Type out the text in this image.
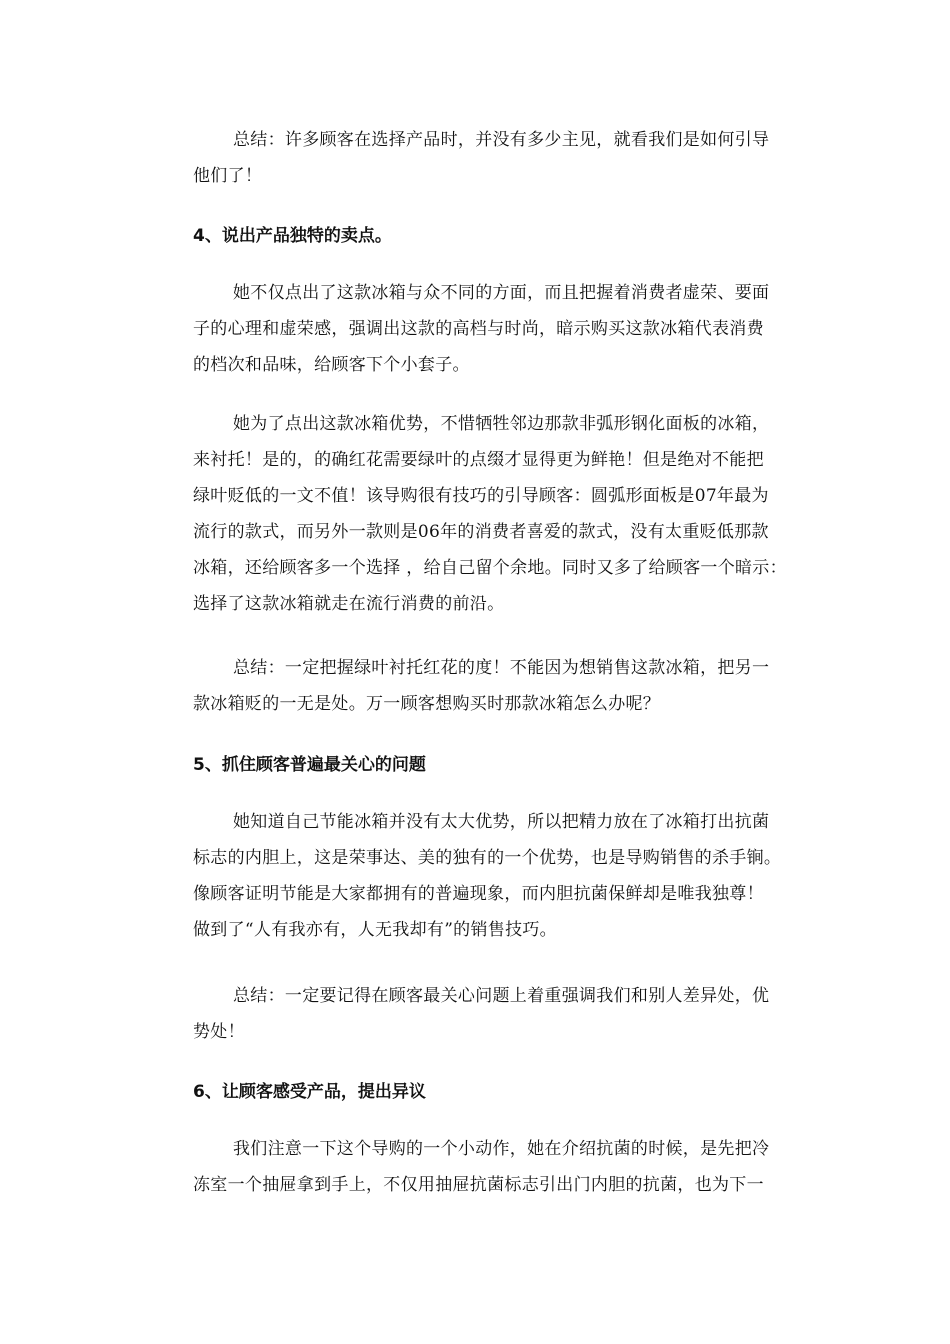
总结：许多顾客在选择产品时，并没有多少主见，就看我们是如何引导
他们了！

4、说出产品独特的卖点。

她不仅点出了这款冰箱与众不同的方面，而且把握着消费者虚荣、要面
子的心理和虚荣感，强调出这款的高档与时尚，暗示购买这款冰箱代表消费
的档次和品味，给顾客下个小套子。

她为了点出这款冰箱优势，不惜牺牲邻边那款非弧形钢化面板的冰箱，
来衬托！是的，的确红花需要绿叶的点缀才显得更为鲜艳！但是绝对不能把
绿叶贬低的一文不值！该导购很有技巧的引导顾客：圆弧形面板是07年最为
流行的款式，而另外一款则是06年的消费者喜爱的款式，没有太重贬低那款
冰箱，还给顾客多一个选择 ，给自己留个余地。同时又多了给顾客一个暗示：
选择了这款冰箱就走在流行消费的前沿。

总结：一定把握绿叶衬托红花的度！不能因为想销售这款冰箱，把另一
款冰箱贬的一无是处。万一顾客想购买时那款冰箱怎么办呢？

5、抓住顾客普遍最关心的问题

她知道自己节能冰箱并没有太大优势，所以把精力放在了冰箱打出抗菌
标志的内胆上，这是荣事达、美的独有的一个优势，也是导购销售的杀手锏。
像顾客证明节能是大家都拥有的普遍现象，而内胆抗菌保鲜却是唯我独尊！
做到了“人有我亦有，人无我却有”的销售技巧。

总结：一定要记得在顾客最关心问题上着重强调我们和别人差异处，优
势处！

6、让顾客感受产品，提出异议

我们注意一下这个导购的一个小动作，她在介绍抗菌的时候，是先把冷
冻室一个抽屉拿到手上，不仅用抽屉抗菌标志引出门内胆的抗菌，也为下一
